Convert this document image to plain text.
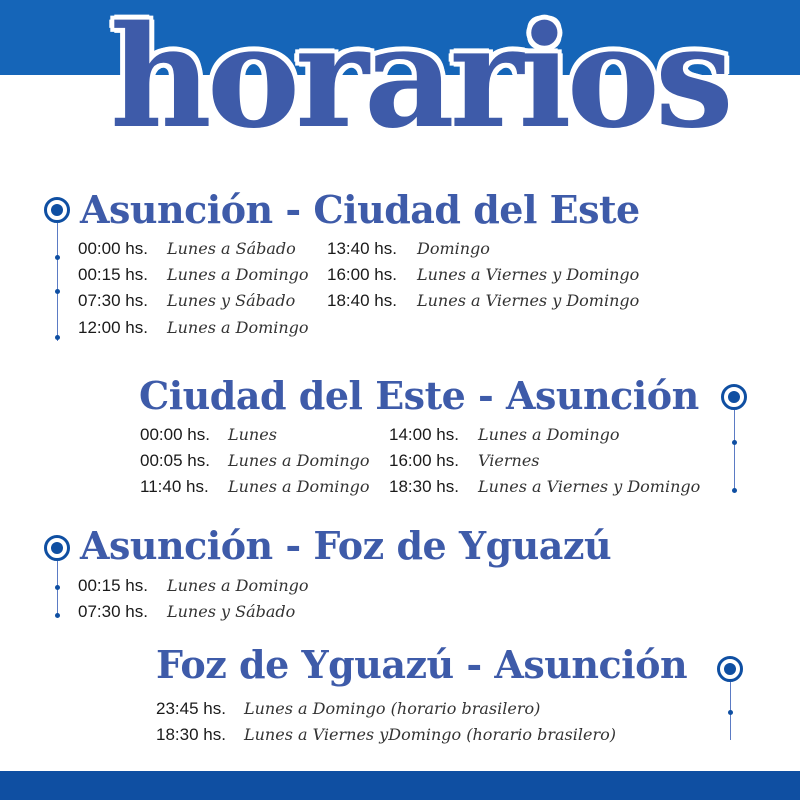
horarios
Asunción - Ciudad del Este
00:00 hs. Lunes a Sábado
00:15 hs. Lunes a Domingo
07:30 hs. Lunes y Sábado
12:00 hs. Lunes a Domingo
13:40 hs. Domingo
16:00 hs. Lunes a Viernes y Domingo
18:40 hs. Lunes a Viernes y Domingo
Ciudad del Este - Asunción
00:00 hs. Lunes
00:05 hs. Lunes a Domingo
11:40 hs. Lunes a Domingo
14:00 hs. Lunes a Domingo
16:00 hs. Viernes
18:30 hs. Lunes a Viernes y Domingo
Asunción - Foz de Yguazú
00:15 hs. Lunes a Domingo
07:30 hs. Lunes y Sábado
Foz de Yguazú - Asunción
23:45 hs. Lunes a Domingo (horario brasilero)
18:30 hs. Lunes a Viernes yDomingo (horario brasilero)
